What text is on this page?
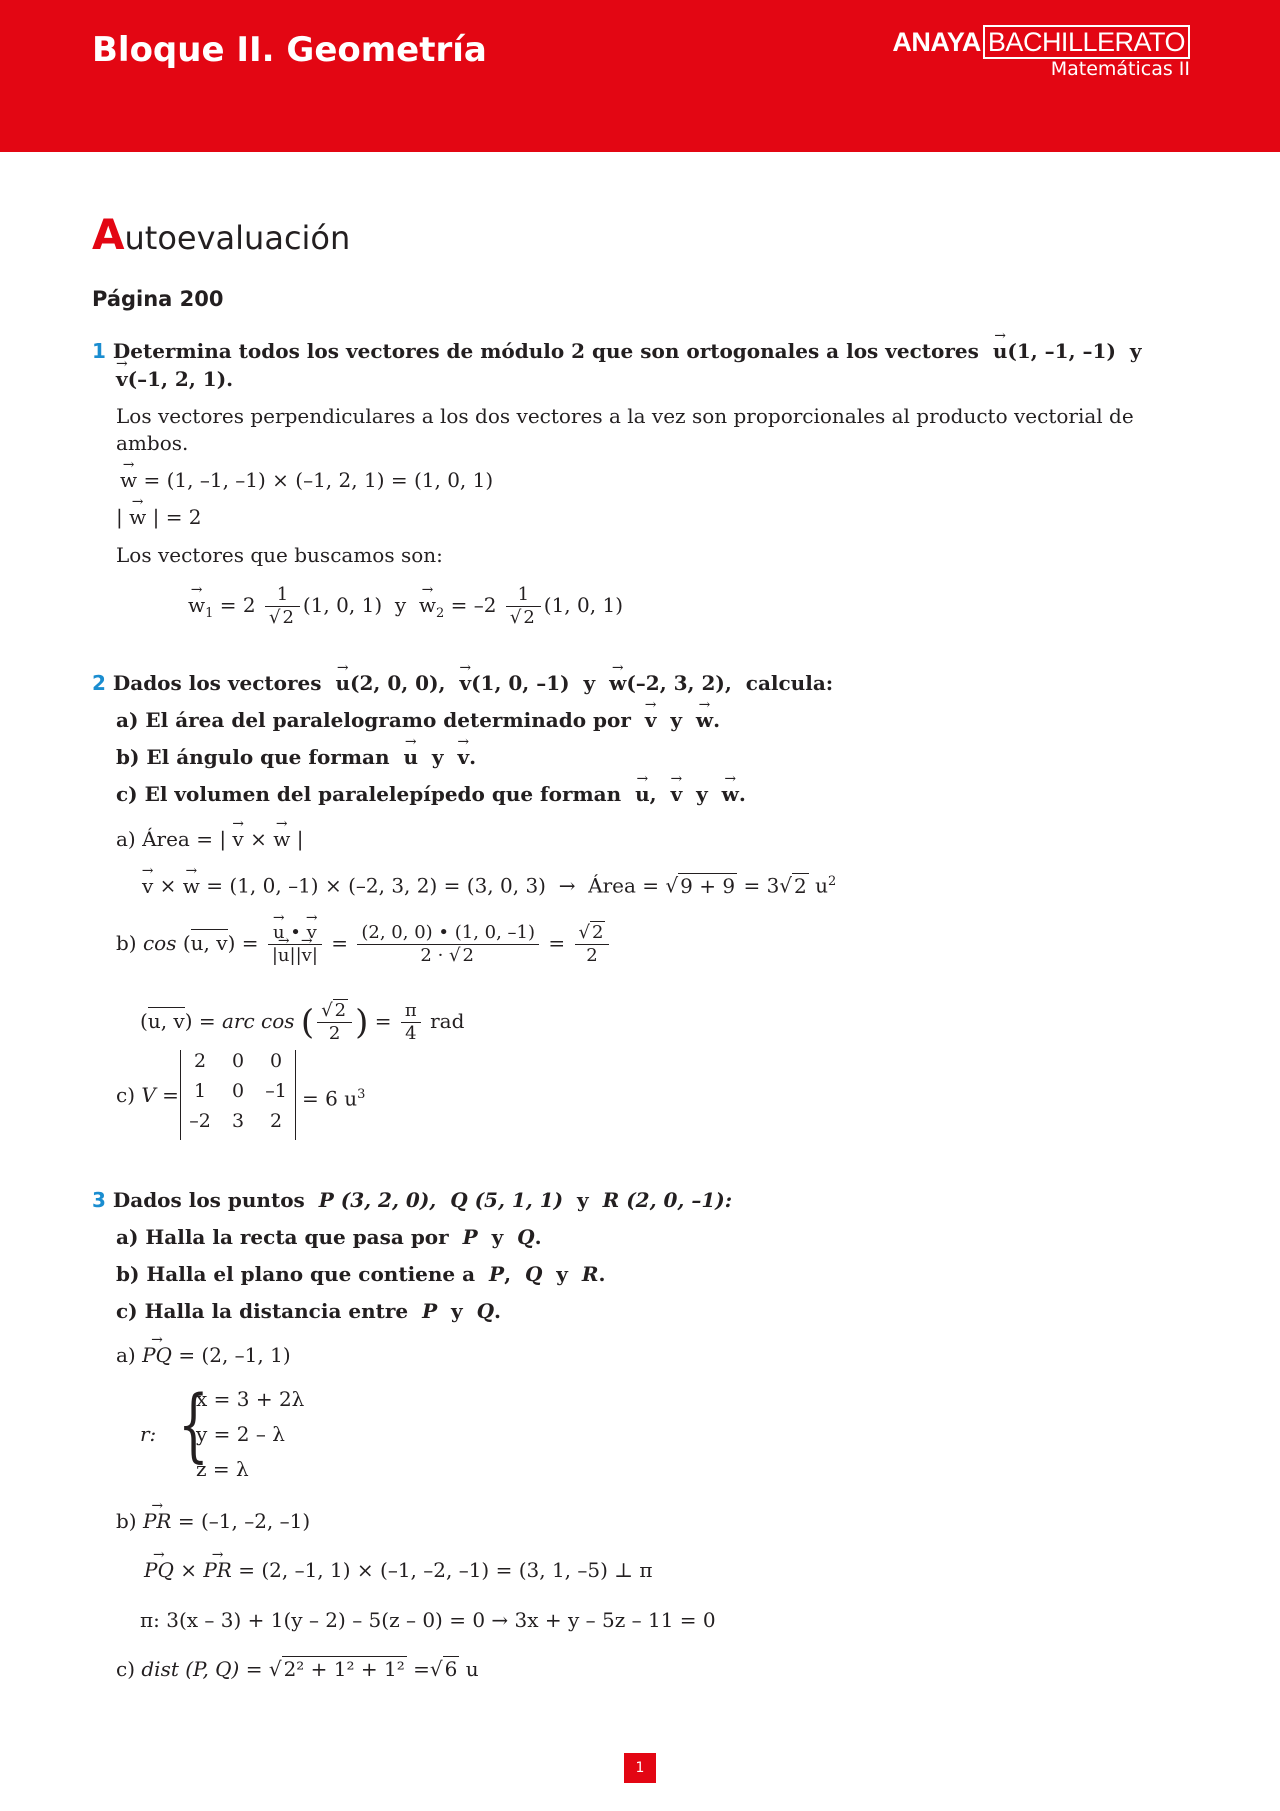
Bloque II. Geometría	ANAYA BACHILLERATO
Matemáticas II
Autoevaluación
Página 200
1 Determina todos los vectores de módulo 2 que son ortogonales a los vectores → u(1, –1, –1) y
→ v(–1, 2, 1).
Los vectores perpendiculares a los dos vectores a la vez son proporcionales al producto vectorial de
ambos.
→ w = (1, –1, –1) × (–1, 2, 1) = (1, 0, 1)
| → w | = 2
Los vectores que buscamos son:
→ $w_1 = 2 \frac{1}{√ 2} (1$, 0, 1) $y \to w_2 = -2 \frac{1}{√ 2} (1$, 0, 1)
2 Dados los vectores → u(2, 0, 0), → v(1, 0, –1) y → w(–2, 3, 2), calcula:
a) El área del paralelogramo determinado por → v  y  → w.
b) El ángulo que forman → u  y  → v.
c) El volumen del paralelepípedo que forman → u,  → v  y  → w.
a) Área = | → v × → w |
→ v × → w = (1, 0, –1) × (–2, 3, 2) = (3, 0, 3) → Área = √ 9 + 9 = 3√ 2 $u^2$
b) cos (u, v) = → $\frac{u • \to v}{|\to u||\to v|} = \frac{(2, 0, 0) • (1, 0, -1)}{2 \cdot √ 2} = \frac{√ 2}{2}$
(u, v) = arc cos ( $\frac{√ 2}{2}$ ) = $\frac{\pi}{4}$ rad
c) V =
2	0	0
1	0	–1
–2	3	2
= 6 $u^3$
3 Dados los puntos P (3, 2, 0), Q (5, 1, 1) y R (2, 0, –1):
a) Halla la recta que pasa por P  y  Q.
b) Halla el plano que contiene a P,  Q  y  R.
c) Halla la distancia entre P  y  Q.
a) → PQ = (2, –1, 1)
r: {
x = 3 + 2λ
y = 2 – λ
z = λ
b) → PR = (–1, –2, –1)
→ PQ × → PR = (2, –1, 1) × (–1, –2, –1) = (3, 1, –5) ⊥ π
π: 3(x – 3) + 1(y – 2) – 5(z – 0) = 0 → 3x + y – 5z – 11 = 0
c) dist (P, Q) = √ 2² + 1² + 1² =√ 6 u
1
